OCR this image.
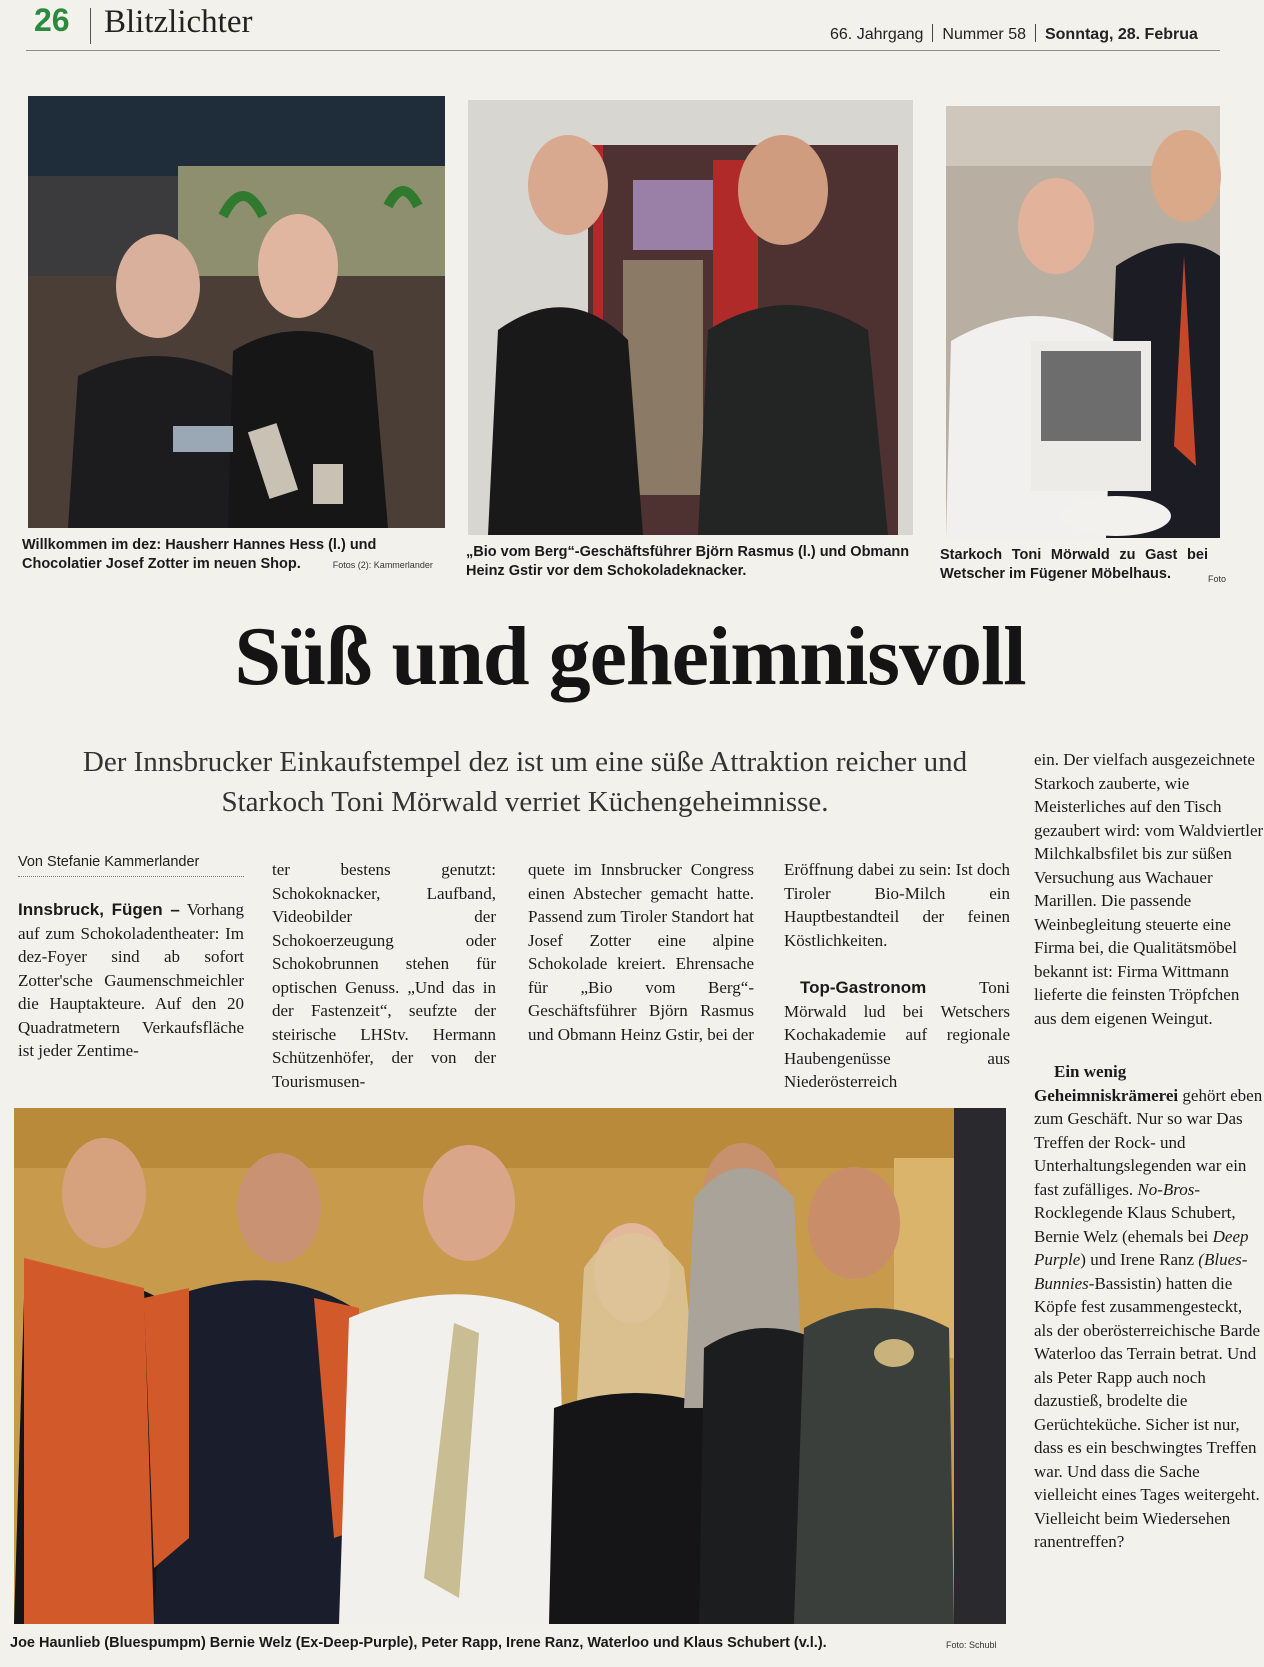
26 Blitzlichter	66. Jahrgang Nummer 58 Sonntag, 28. Februa
Willkommen im dez: Hausherr Hannes Hess (l.) und Chocolatier Josef Zotter im neuen Shop.	Fotos (2): Kammerlander
„Bio vom Berg“-Geschäftsführer Björn Rasmus (l.) und Obmann Heinz Gstir vor dem Schokoladeknacker.
Starkoch Toni Mörwald zu Gast bei Wetscher im Fügener Möbelhaus.	Foto
Süß und geheimnisvoll
Der Innsbrucker Einkaufstempel dez ist um eine süße Attraktion reicher und Starkoch Toni Mörwald verriet Küchengeheimnisse.
Von Stefanie Kammerlander
Innsbruck, Fügen – Vorhang auf zum Schokoladentheater: Im dez-Foyer sind ab sofort Zotter'sche Gaumenschmeichler die Hauptakteure. Auf den 20 Quadratmetern Verkaufsfläche ist jeder Zentime-
ter bestens genutzt: Schokoknacker, Laufband, Videobilder der Schokoerzeugung oder Schokobrunnen stehen für optischen Genuss. „Und das in der Fastenzeit“, seufzte der steirische LHStv. Hermann Schützenhöfer, der von der Tourismusen-
quete im Innsbrucker Congress einen Abstecher gemacht hatte. Passend zum Tiroler Standort hat Josef Zotter eine alpine Schokolade kreiert. Ehrensache für „Bio vom Berg“-Geschäftsführer Björn Rasmus und Obmann Heinz Gstir, bei der
Eröffnung dabei zu sein: Ist doch Tiroler Bio-Milch ein Hauptbestandteil der feinen Köstlichkeiten.
Top-Gastronom	Toni Mörwald lud bei Wetschers Kochakademie auf regionale Haubengenüsse aus Niederösterreich

ein. Der vielfach ausgezeichnete Starkoch zauberte, wie Meisterliches auf den Tisch gezaubert wird: vom Waldviertler Milchkalbsfilet bis zur süßen Versuchung aus Wachauer Marillen. Die passende Weinbegleitung steuerte eine Firma bei, die Qualitätsmöbel bekannt ist: Firma Wittmann lieferte die feinsten Tröpfchen aus dem eigenen Weingut.

Ein wenig Geheimniskrämerei gehört eben zum Geschäft. Nur so war Das Treffen der Rock- und Unterhaltungslegenden war ein fast zufälliges. No-Bros-Rocklegende Klaus Schubert, Bernie Welz (ehemals bei Deep Purple) und Irene Ranz (Blues-Bunnies-Bassistin) hatten die Köpfe fest zusammengesteckt, als der oberösterreichische Barde Waterloo das Terrain betrat. Und als Peter Rapp auch noch dazustieß, brodelte die Gerüchteküche. Sicher ist nur, dass es ein beschwingtes Treffen war. Und dass die Sache vielleicht eines Tages weitergeht. Vielleicht beim Wiedersehen ranentreffen?

Joe Haunlieb (Bluespumpm) Bernie Welz (Ex-Deep-Purple), Peter Rapp, Irene Ranz, Waterloo und Klaus Schubert (v.l.).	Foto: Schubl
